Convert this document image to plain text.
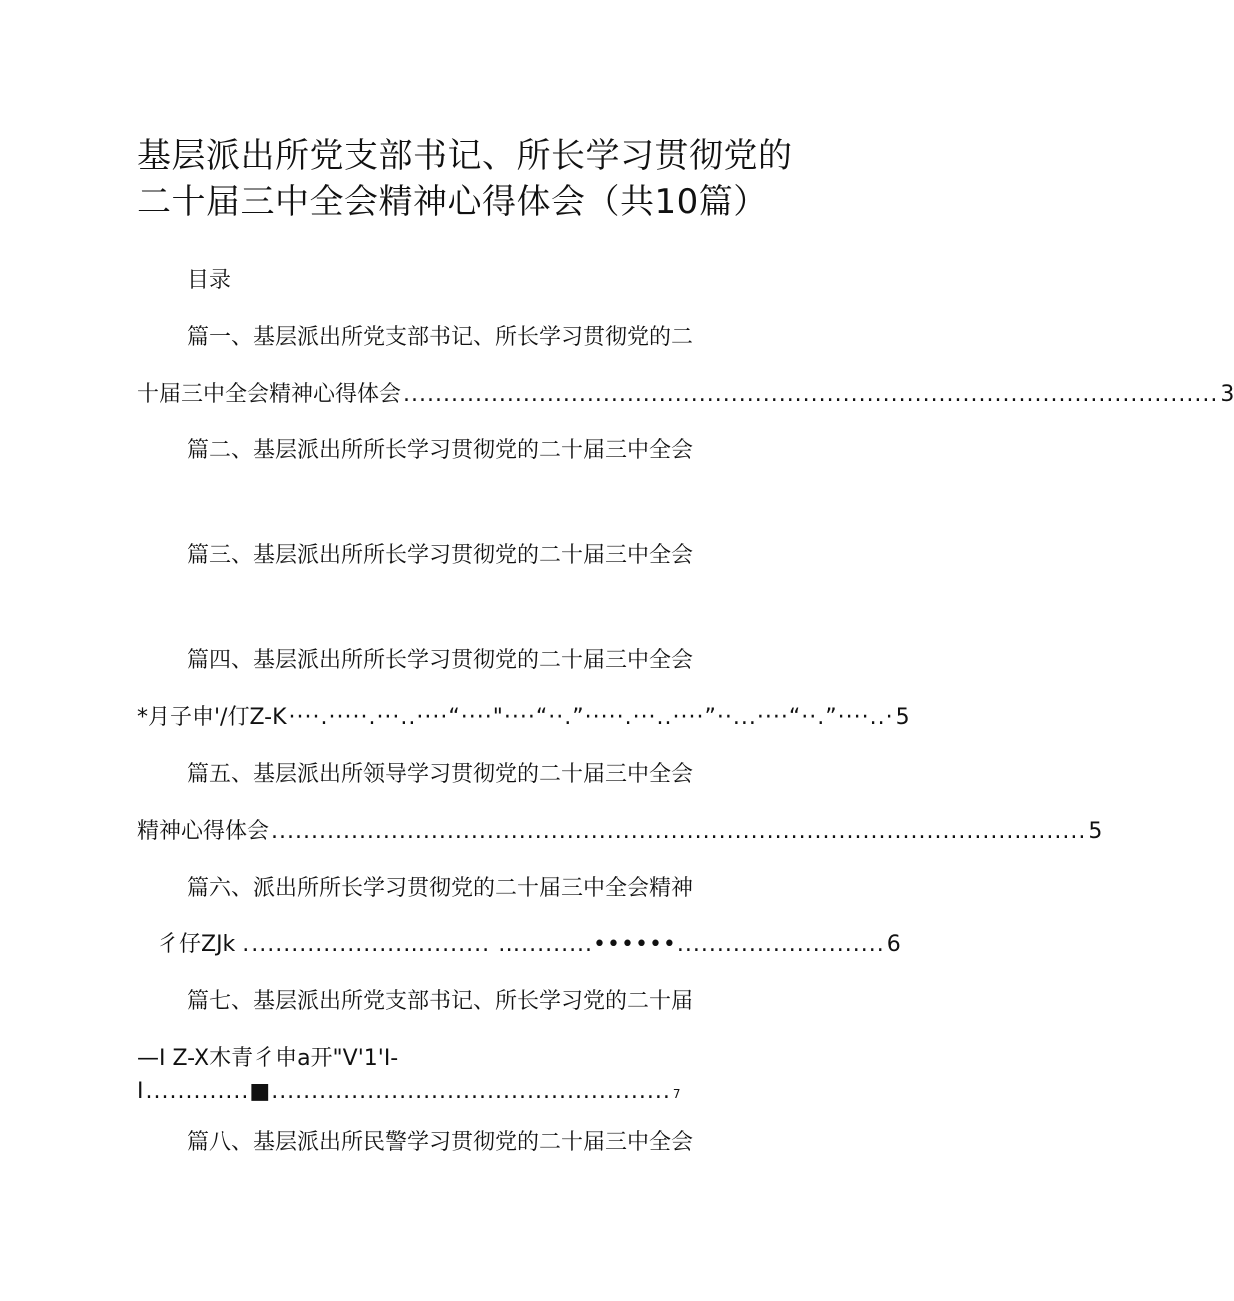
基层派出所党支部书记、所长学习贯彻党的
二十届三中全会精神心得体会（共10篇）
目录
篇一、基层派出所党支部书记、所长学习贯彻党的二
十届三中全会精神心得体会 ...................................................................................................... 3
篇二、基层派出所所长学习贯彻党的二十届三中全会
篇三、基层派出所所长学习贯彻党的二十届三中全会
篇四、基层派出所所长学习贯彻党的二十届三中全会
*月子申'/仃Z-K ····.·····.···..····“····"····“··.”·····.···..····”··...····“··.”····..· 5
篇五、基层派出所领导学习贯彻党的二十届三中全会
精神心得体会 ...................................................................................................... 5
篇六、派出所所长学习贯彻党的二十届三中全会精神
彳仔ZJk . ...................…........ ….........••••••.......................... 6
篇七、基层派出所党支部书记、所长学习党的二十届
—I Z-X木青彳申a开"V'1'I-
I .............■.................................................. 7
篇八、基层派出所民警学习贯彻党的二十届三中全会
